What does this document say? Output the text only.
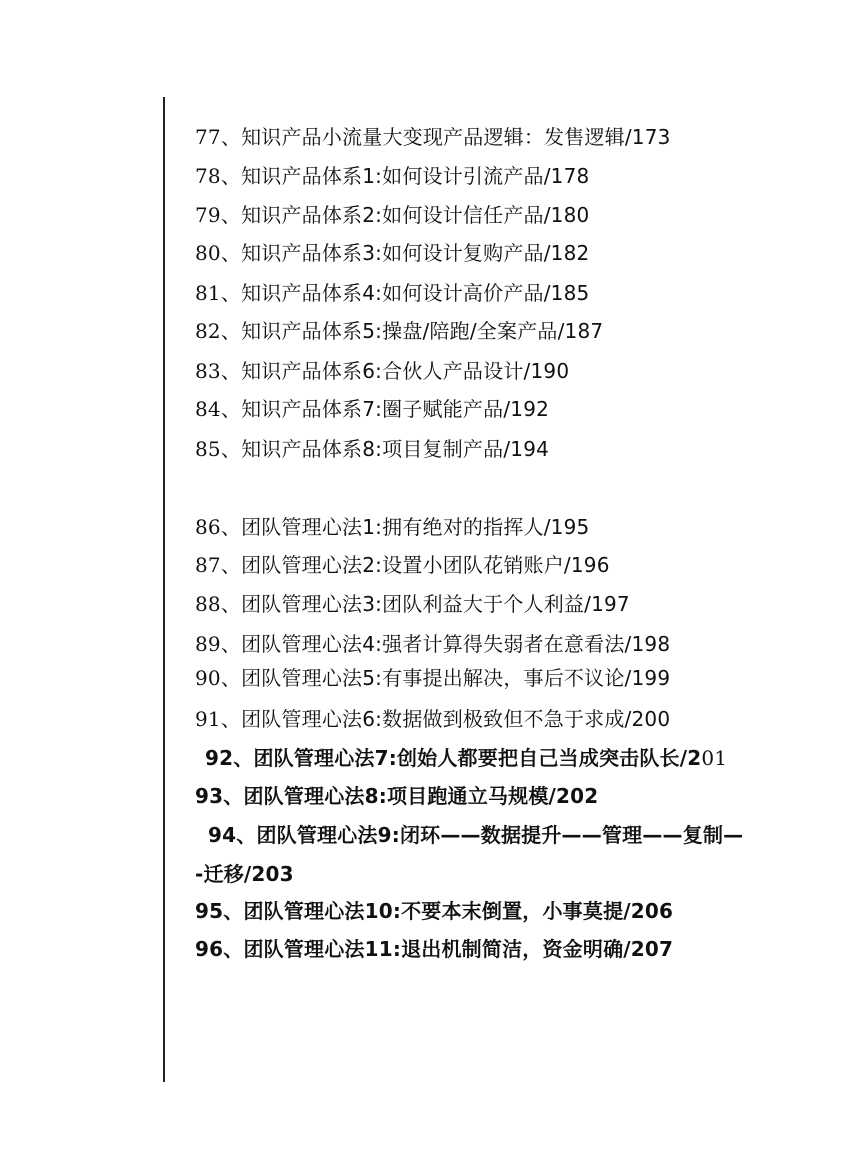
77、知识产品小流量大变现产品逻辑：发售逻辑/173
78、知识产品体系1:如何设计引流产品/178
79、知识产品体系2:如何设计信任产品/180
80、知识产品体系3:如何设计复购产品/182
81、知识产品体系4:如何设计高价产品/185
82、知识产品体系5:操盘/陪跑/全案产品/187
83、知识产品体系6:合伙人产品设计/190
84、知识产品体系7:圈子赋能产品/192
85、知识产品体系8:项目复制产品/194
86、团队管理心法1:拥有绝对的指挥人/195
87、团队管理心法2:设置小团队花销账户/196
88、团队管理心法3:团队利益大于个人利益/197
89、团队管理心法4:强者计算得失弱者在意看法/198
90、团队管理心法5:有事提出解决，事后不议论/199
91、团队管理心法6:数据做到极致但不急于求成/200
92、团队管理心法7:创始人都要把自己当成突击队长/201
93、团队管理心法8:项目跑通立马规模/202
94、团队管理心法9:闭环——数据提升——管理——复制—
-迁移/203
95、团队管理心法10:不要本末倒置，小事莫提/206
96、团队管理心法11:退出机制简洁，资金明确/207
